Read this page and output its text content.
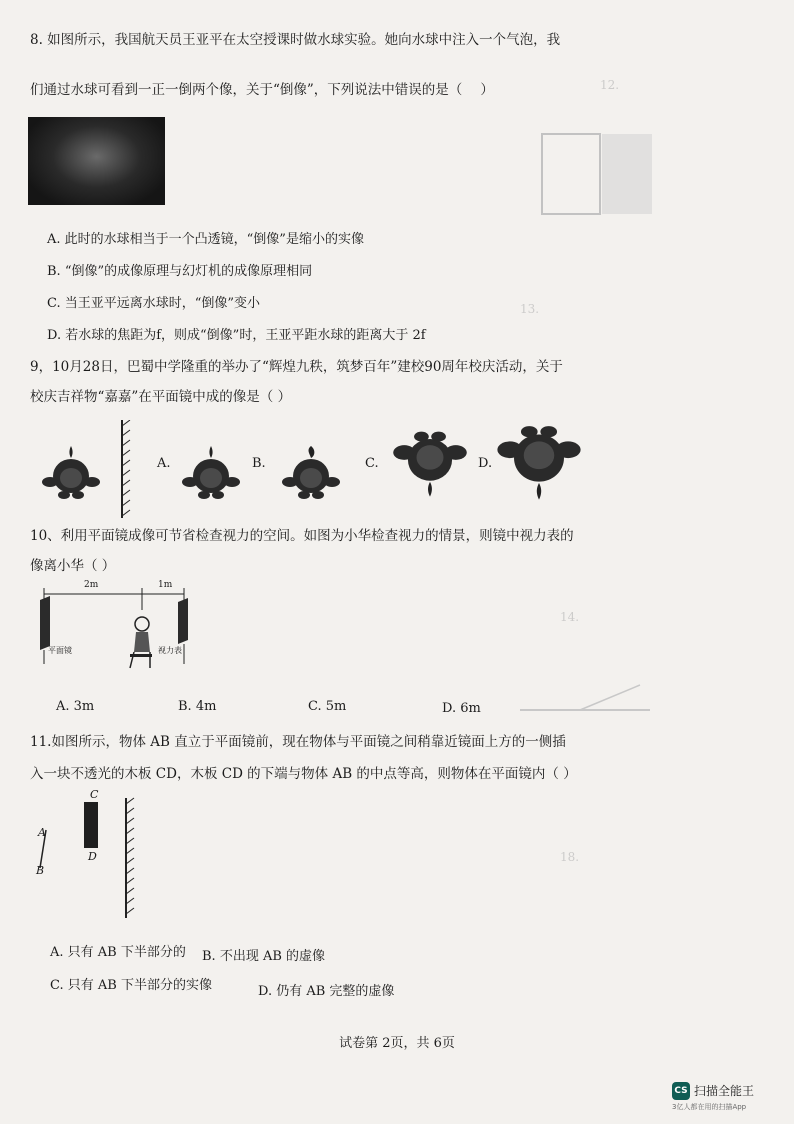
12.
13.
14.
18.
8. 如图所示，我国航天员王亚平在太空授课时做水球实验。她向水球中注入一个气泡，我
们通过水球可看到一正一倒两个像，关于“倒像”，下列说法中错误的是（ ）
A. 此时的水球相当于一个凸透镜，“倒像”是缩小的实像
B. “倒像”的成像原理与幻灯机的成像原理相同
C. 当王亚平远离水球时，“倒像”变小
D. 若水球的焦距为f，则成“倒像”时，王亚平距水球的距离大于 2f
9，10月28日，巴蜀中学隆重的举办了“辉煌九秩，筑梦百年”建校90周年校庆活动，关于
校庆吉祥物“嘉嘉”在平面镜中成的像是（ ）
A.	B.	C.	D.
10、利用平面镜成像可节省检查视力的空间。如图为小华检查视力的情景，则镜中视力表的
像离小华（ ）
2m	1m
平面镜	视力表
A. 3m	B. 4m	C. 5m	D. 6m
11.如图所示，物体 AB 直立于平面镜前，现在物体与平面镜之间稍靠近镜面上方的一侧插
入一块不透光的木板 CD，木板 CD 的下端与物体 AB 的中点等高，则物体在平面镜内（ ）
A
B
C
D
A. 只有 AB 下半部分的 B. 不出现 AB 的虚像
C. 只有 AB 下半部分的实像	D. 仍有 AB 完整的虚像
试卷第 2页，共 6页
CS 扫描全能王
3亿人都在用的扫描App
